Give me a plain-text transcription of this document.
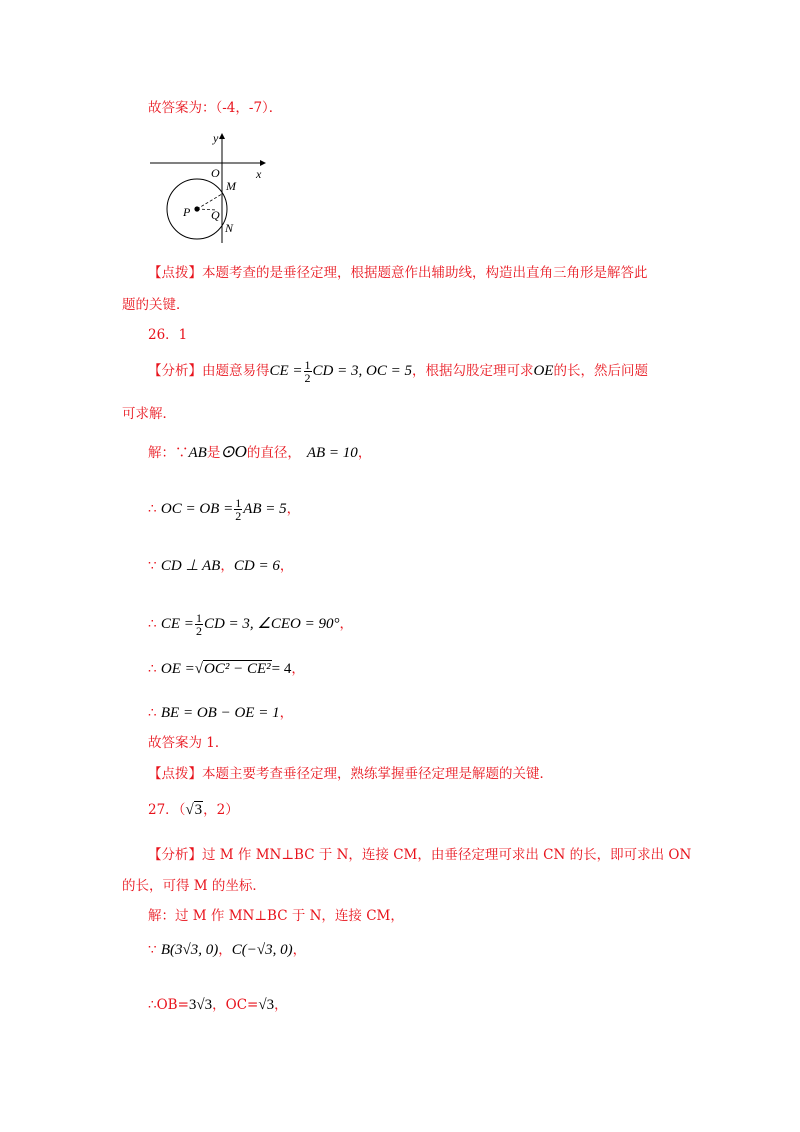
故答案为：（-4，-7）．
y
x
O
P
M
Q
N
【点拨】本题考查的是垂径定理，根据题意作出辅助线，构造出直角三角形是解答此
题的关键．
26．1
【分析】由题意易得CE = $\frac{1}{2}$ CD = 3, OC = 5，根据勾股定理可求OE的长，然后问题
可求解．
解：∵AB是⊙O的直径， AB = 10，
∴ OC = OB = $\frac{1}{2}$ AB = 5，
∵ CD ⊥ AB，CD = 6，
∴ CE = $\frac{1}{2}$ CD = 3, ∠CEO = 90°，
∴ OE =√OC² − CE²= 4，
∴ BE = OB − OE = 1，
故答案为 1．
【点拨】本题主要考查垂径定理，熟练掌握垂径定理是解题的关键．
27．（√3，2）
【分析】过 M 作 MN⊥BC 于 N，连接 CM，由垂径定理可求出 CN 的长，即可求出 ON
的长，可得 M 的坐标．
解：过 M 作 MN⊥BC 于 N，连接 CM，
∵ B(3√3, 0)，C(−√3, 0)，
∴OB=3√3，OC=√3，
